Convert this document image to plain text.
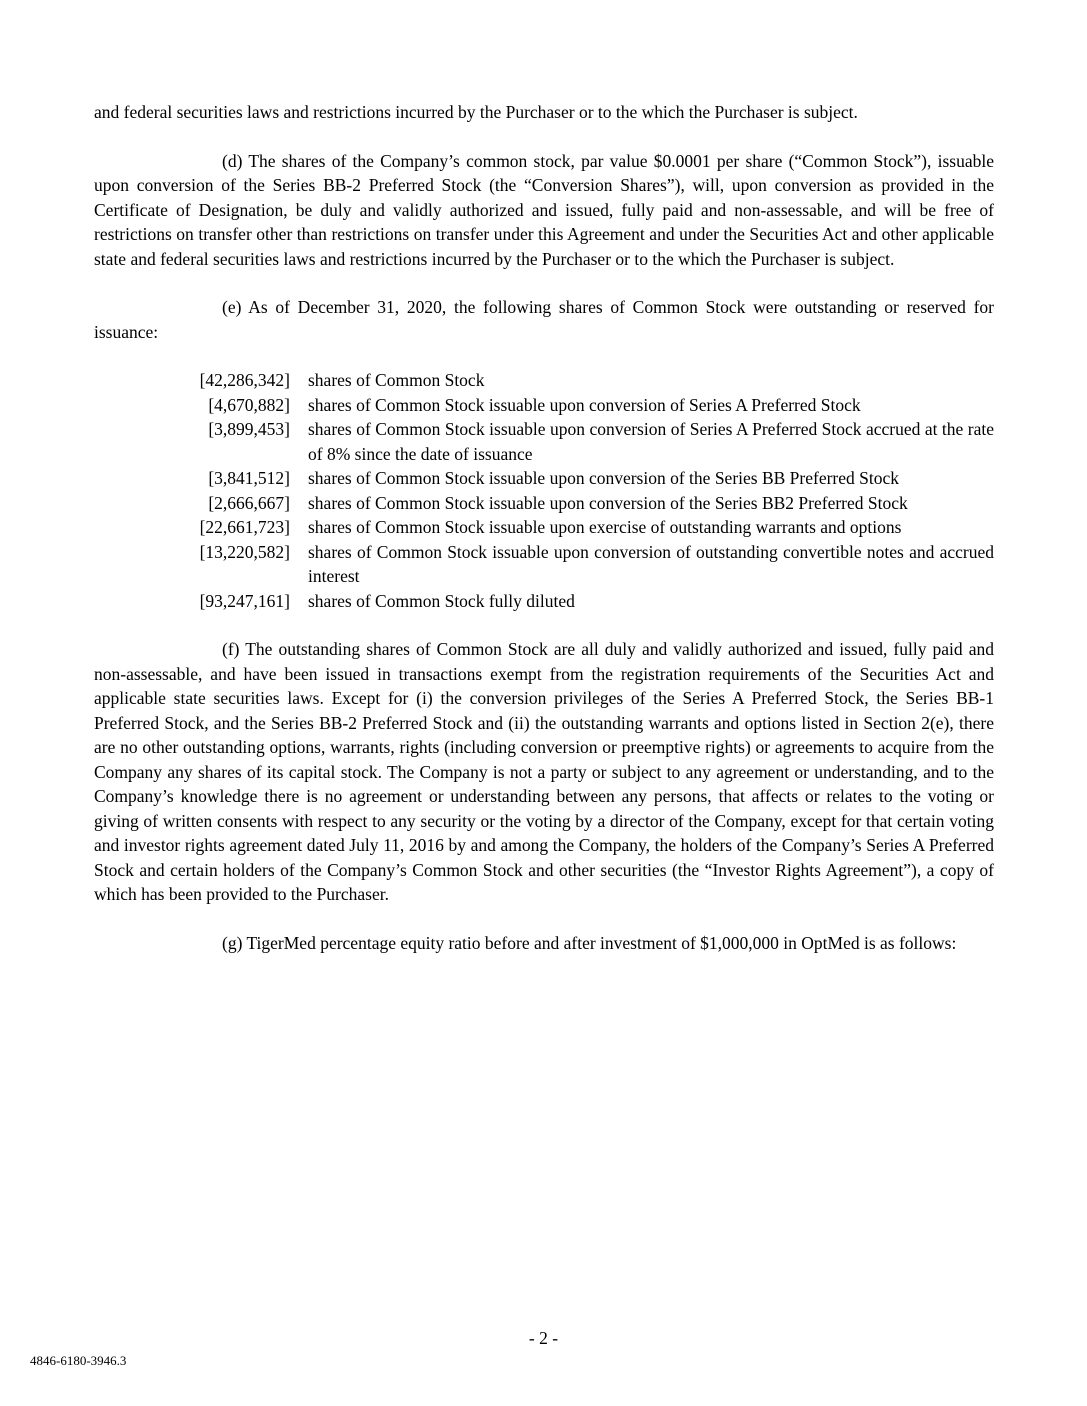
and federal securities laws and restrictions incurred by the Purchaser or to the which the Purchaser is subject.

(d) The shares of the Company’s common stock, par value $0.0001 per share (“Common Stock”), issuable upon conversion of the Series BB-2 Preferred Stock (the “Conversion Shares”), will, upon conversion as provided in the Certificate of Designation, be duly and validly authorized and issued, fully paid and non-assessable, and will be free of restrictions on transfer other than restrictions on transfer under this Agreement and under the Securities Act and other applicable state and federal securities laws and restrictions incurred by the Purchaser or to the which the Purchaser is subject.

(e) As of December 31, 2020, the following shares of Common Stock were outstanding or reserved for issuance:

[42,286,342] shares of Common Stock
[4,670,882] shares of Common Stock issuable upon conversion of Series A Preferred Stock
[3,899,453] shares of Common Stock issuable upon conversion of Series A Preferred Stock accrued at the rate of 8% since the date of issuance
[3,841,512] shares of Common Stock issuable upon conversion of the Series BB Preferred Stock
[2,666,667] shares of Common Stock issuable upon conversion of the Series BB2 Preferred Stock
[22,661,723] shares of Common Stock issuable upon exercise of outstanding warrants and options
[13,220,582] shares of Common Stock issuable upon conversion of outstanding convertible notes and accrued interest
[93,247,161] shares of Common Stock fully diluted

(f) The outstanding shares of Common Stock are all duly and validly authorized and issued, fully paid and non-assessable, and have been issued in transactions exempt from the registration requirements of the Securities Act and applicable state securities laws. Except for (i) the conversion privileges of the Series A Preferred Stock, the Series BB-1 Preferred Stock, and the Series BB-2 Preferred Stock and (ii) the outstanding warrants and options listed in Section 2(e), there are no other outstanding options, warrants, rights (including conversion or preemptive rights) or agreements to acquire from the Company any shares of its capital stock. The Company is not a party or subject to any agreement or understanding, and to the Company’s knowledge there is no agreement or understanding between any persons, that affects or relates to the voting or giving of written consents with respect to any security or the voting by a director of the Company, except for that certain voting and investor rights agreement dated July 11, 2016 by and among the Company, the holders of the Company’s Series A Preferred Stock and certain holders of the Company’s Common Stock and other securities (the “Investor Rights Agreement”), a copy of which has been provided to the Purchaser.

(g) TigerMed percentage equity ratio before and after investment of $1,000,000 in OptMed is as follows:

- 2 -
4846-6180-3946.3
